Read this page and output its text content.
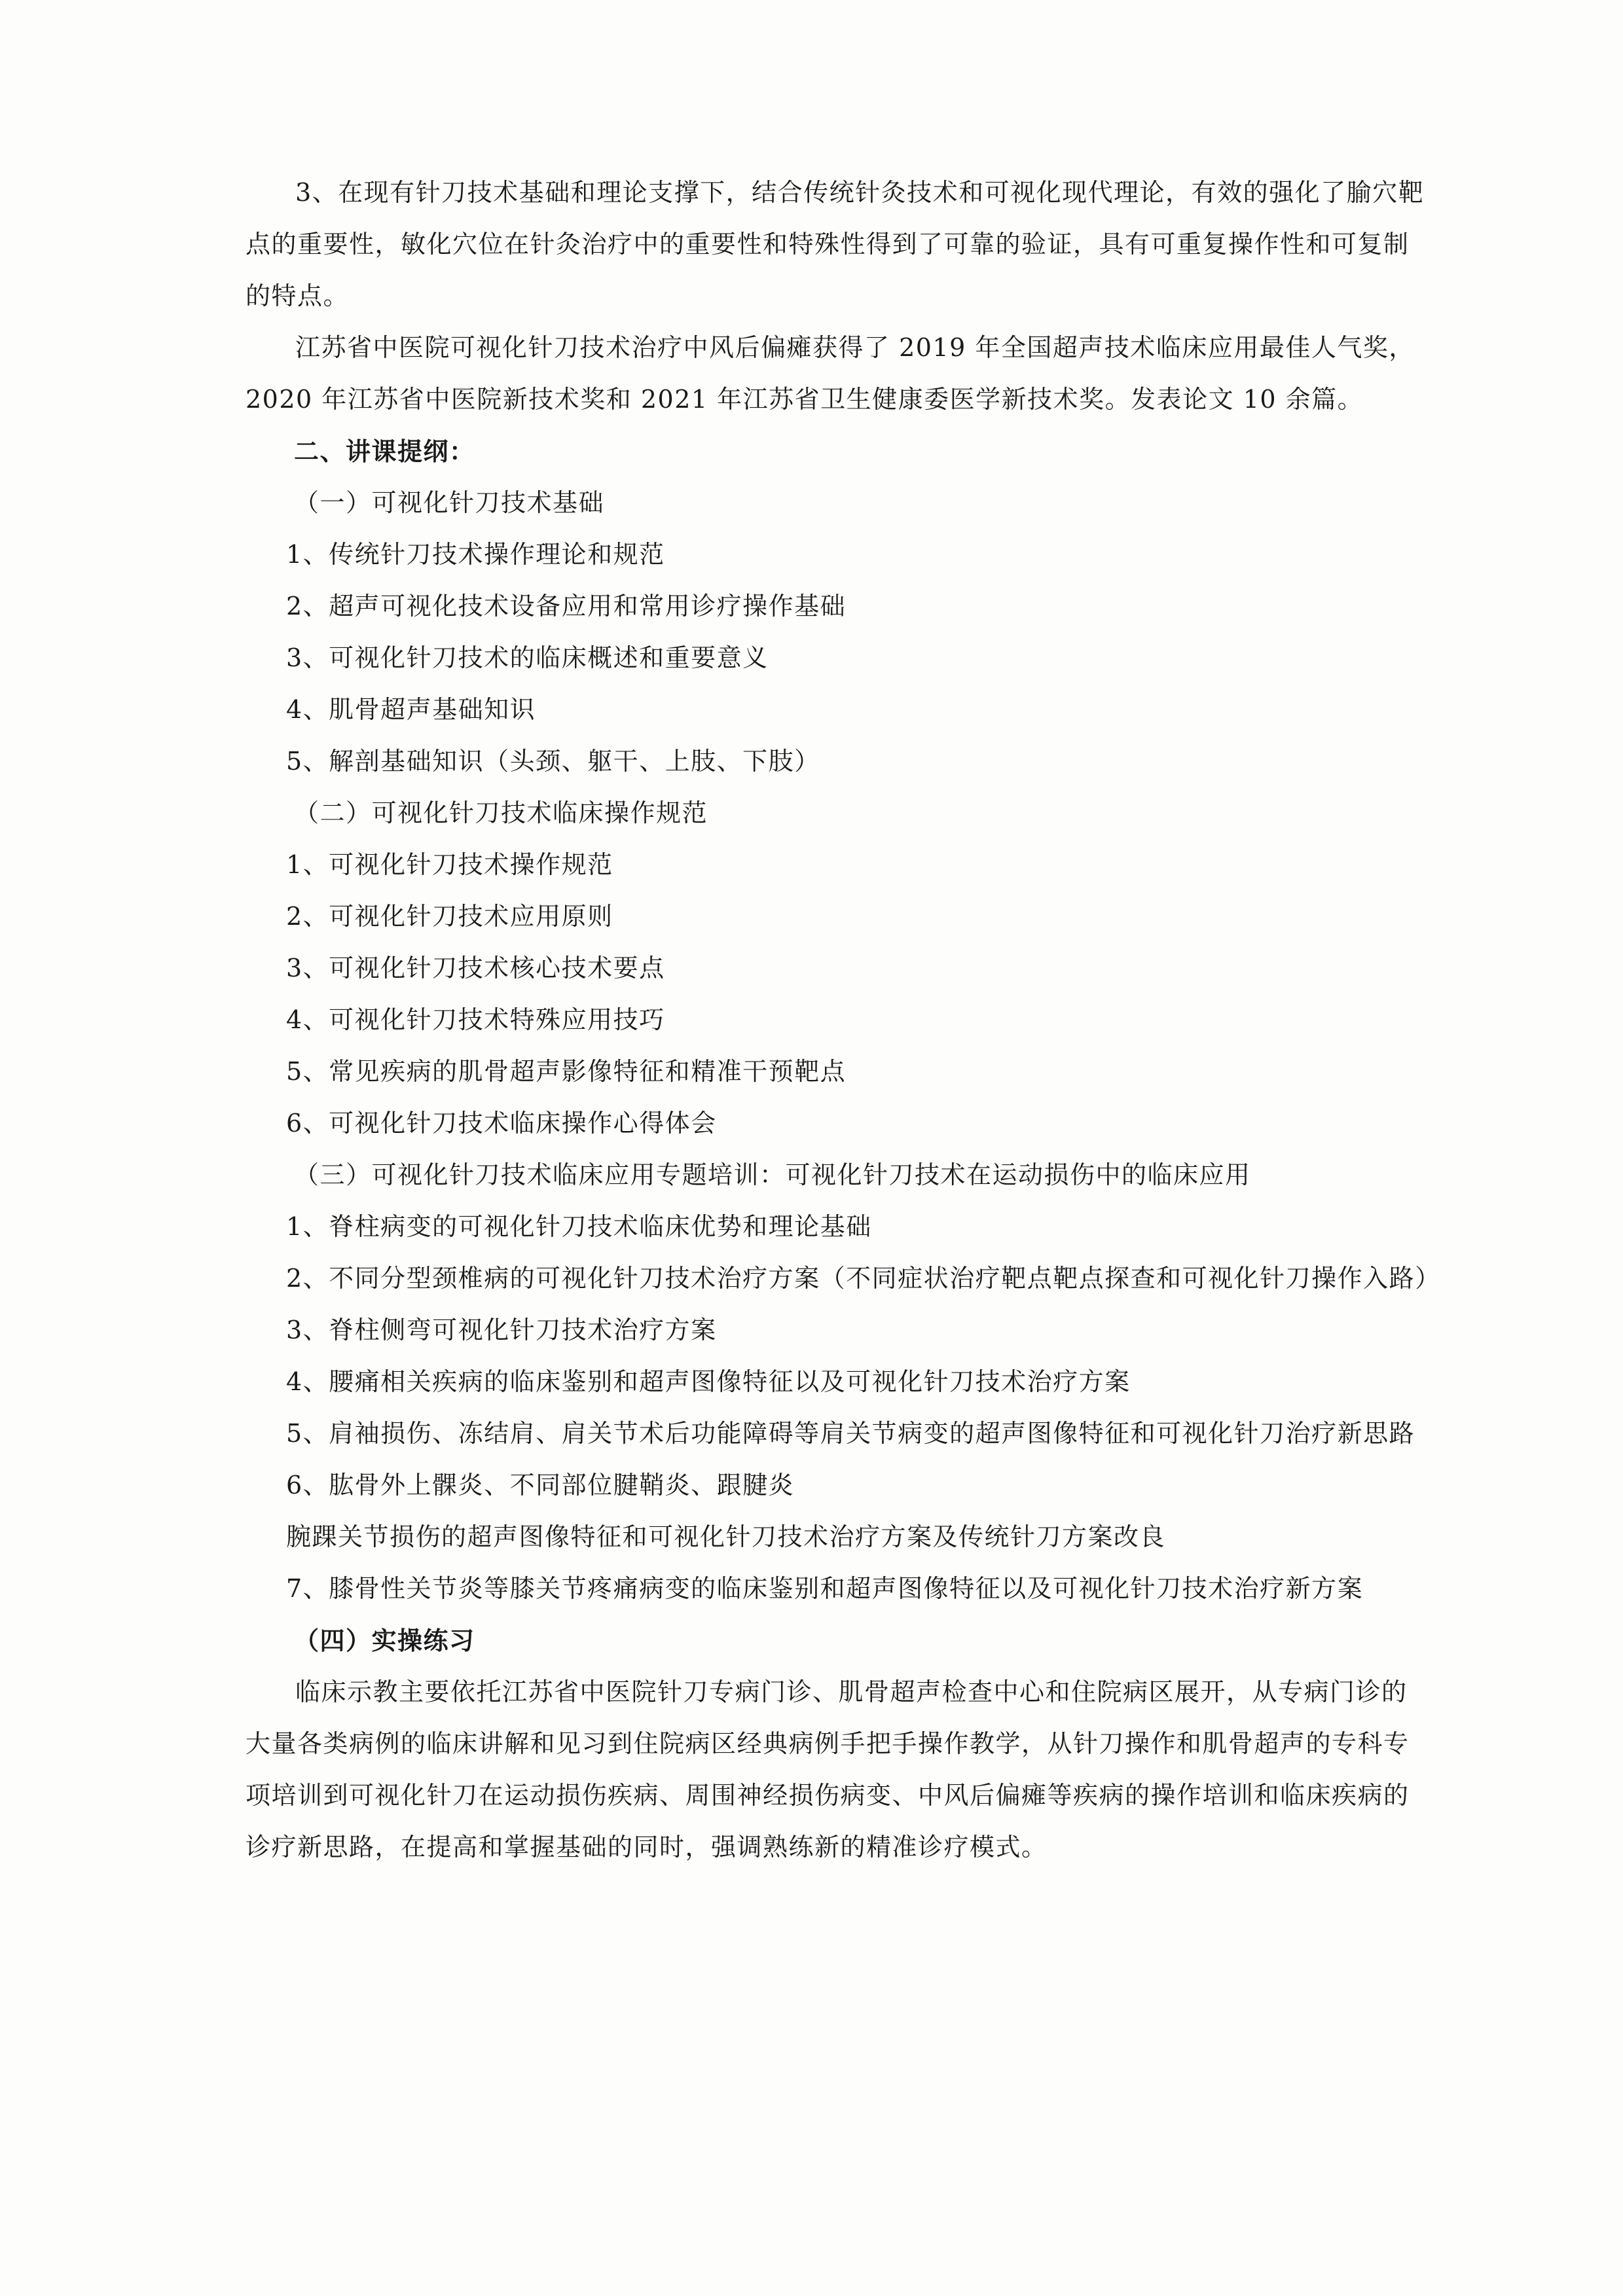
3、在现有针刀技术基础和理论支撑下，结合传统针灸技术和可视化现代理论，有效的强化了腧穴靶点的重要性，敏化穴位在针灸治疗中的重要性和特殊性得到了可靠的验证，具有可重复操作性和可复制的特点。

江苏省中医院可视化针刀技术治疗中风后偏瘫获得了 2019 年全国超声技术临床应用最佳人气奖，2020 年江苏省中医院新技术奖和 2021 年江苏省卫生健康委医学新技术奖。发表论文 10 余篇。

二、讲课提纲：

（一）可视化针刀技术基础

1、传统针刀技术操作理论和规范

2、超声可视化技术设备应用和常用诊疗操作基础

3、可视化针刀技术的临床概述和重要意义

4、肌骨超声基础知识

5、解剖基础知识（头颈、躯干、上肢、下肢）

（二）可视化针刀技术临床操作规范

1、可视化针刀技术操作规范

2、可视化针刀技术应用原则

3、可视化针刀技术核心技术要点

4、可视化针刀技术特殊应用技巧

5、常见疾病的肌骨超声影像特征和精准干预靶点

6、可视化针刀技术临床操作心得体会

（三）可视化针刀技术临床应用专题培训：可视化针刀技术在运动损伤中的临床应用

1、脊柱病变的可视化针刀技术临床优势和理论基础

2、不同分型颈椎病的可视化针刀技术治疗方案（不同症状治疗靶点靶点探查和可视化针刀操作入路）

3、脊柱侧弯可视化针刀技术治疗方案

4、腰痛相关疾病的临床鉴别和超声图像特征以及可视化针刀技术治疗方案

5、肩袖损伤、冻结肩、肩关节术后功能障碍等肩关节病变的超声图像特征和可视化针刀治疗新思路

6、肱骨外上髁炎、不同部位腱鞘炎、跟腱炎

腕踝关节损伤的超声图像特征和可视化针刀技术治疗方案及传统针刀方案改良

7、膝骨性关节炎等膝关节疼痛病变的临床鉴别和超声图像特征以及可视化针刀技术治疗新方案

（四）实操练习

临床示教主要依托江苏省中医院针刀专病门诊、肌骨超声检查中心和住院病区展开，从专病门诊的大量各类病例的临床讲解和见习到住院病区经典病例手把手操作教学，从针刀操作和肌骨超声的专科专项培训到可视化针刀在运动损伤疾病、周围神经损伤病变、中风后偏瘫等疾病的操作培训和临床疾病的诊疗新思路，在提高和掌握基础的同时，强调熟练新的精准诊疗模式。
